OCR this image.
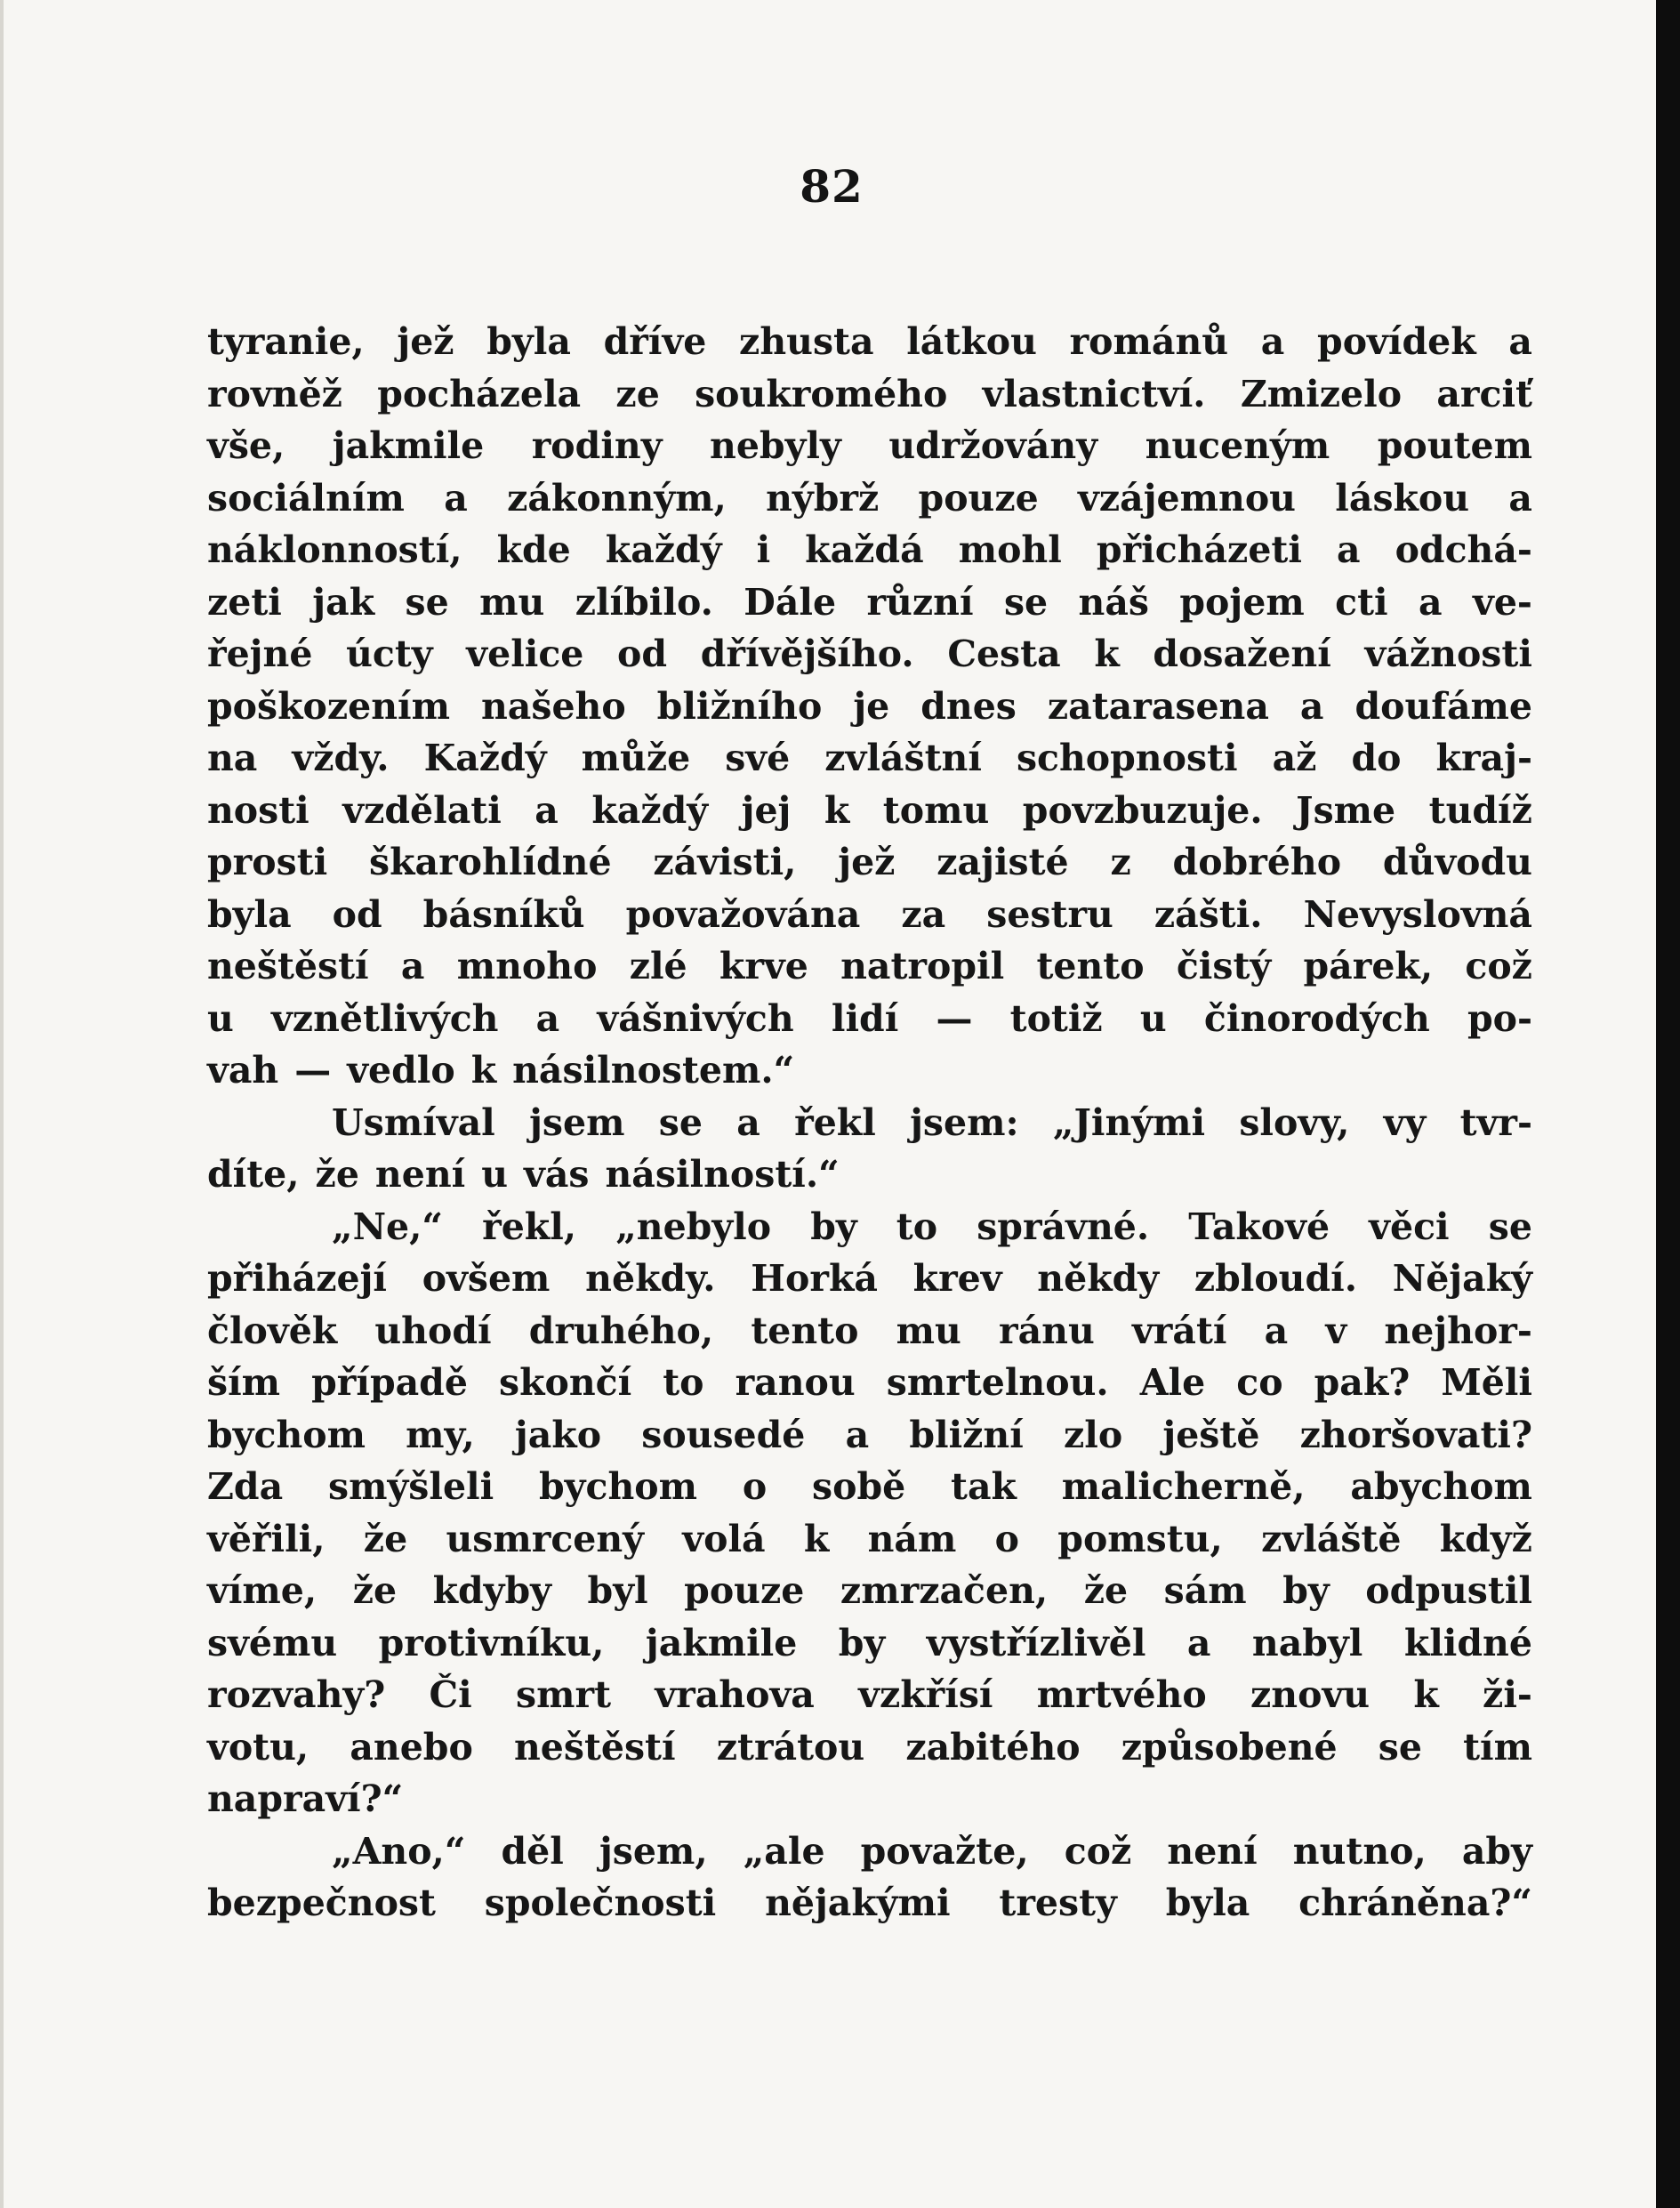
82
tyranie, jež byla dříve zhusta látkou románů a povídek a
rovněž pocházela ze soukromého vlastnictví. Zmizelo arciť
vše, jakmile rodiny nebyly udržovány nuceným poutem
sociálním a zákonným, nýbrž pouze vzájemnou láskou a
náklonností, kde každý i každá mohl přicházeti a odchá-
zeti jak se mu zlíbilo. Dále různí se náš pojem cti a ve-
řejné úcty velice od dřívějšího. Cesta k dosažení vážnosti
poškozením našeho bližního je dnes zatarasena a doufáme
na vždy. Každý může své zvláštní schopnosti až do kraj-
nosti vzdělati a každý jej k tomu povzbuzuje. Jsme tudíž
prosti škarohlídné závisti, jež zajisté z dobrého důvodu
byla od básníků považována za sestru zášti. Nevyslovná
neštěstí a mnoho zlé krve natropil tento čistý párek, což
u vznětlivých a vášnivých lidí — totiž u činorodých po-
vah — vedlo k násilnostem.“
Usmíval jsem se a řekl jsem: „Jinými slovy, vy tvr-
díte, že není u vás násilností.“
„Ne,“ řekl, „nebylo by to správné. Takové věci se
přiházejí ovšem někdy. Horká krev někdy zbloudí. Nějaký
člověk uhodí druhého, tento mu ránu vrátí a v nejhor-
ším případě skončí to ranou smrtelnou. Ale co pak? Měli
bychom my, jako sousedé a bližní zlo ještě zhoršovati?
Zda smýšleli bychom o sobě tak malicherně, abychom
věřili, že usmrcený volá k nám o pomstu, zvláště když
víme, že kdyby byl pouze zmrzačen, že sám by odpustil
svému protivníku, jakmile by vystřízlivěl a nabyl klidné
rozvahy? Či smrt vrahova vzkřísí mrtvého znovu k ži-
votu, anebo neštěstí ztrátou zabitého způsobené se tím
napraví?“
„Ano,“ děl jsem, „ale považte, což není nutno, aby
bezpečnost společnosti nějakými tresty byla chráněna?“
